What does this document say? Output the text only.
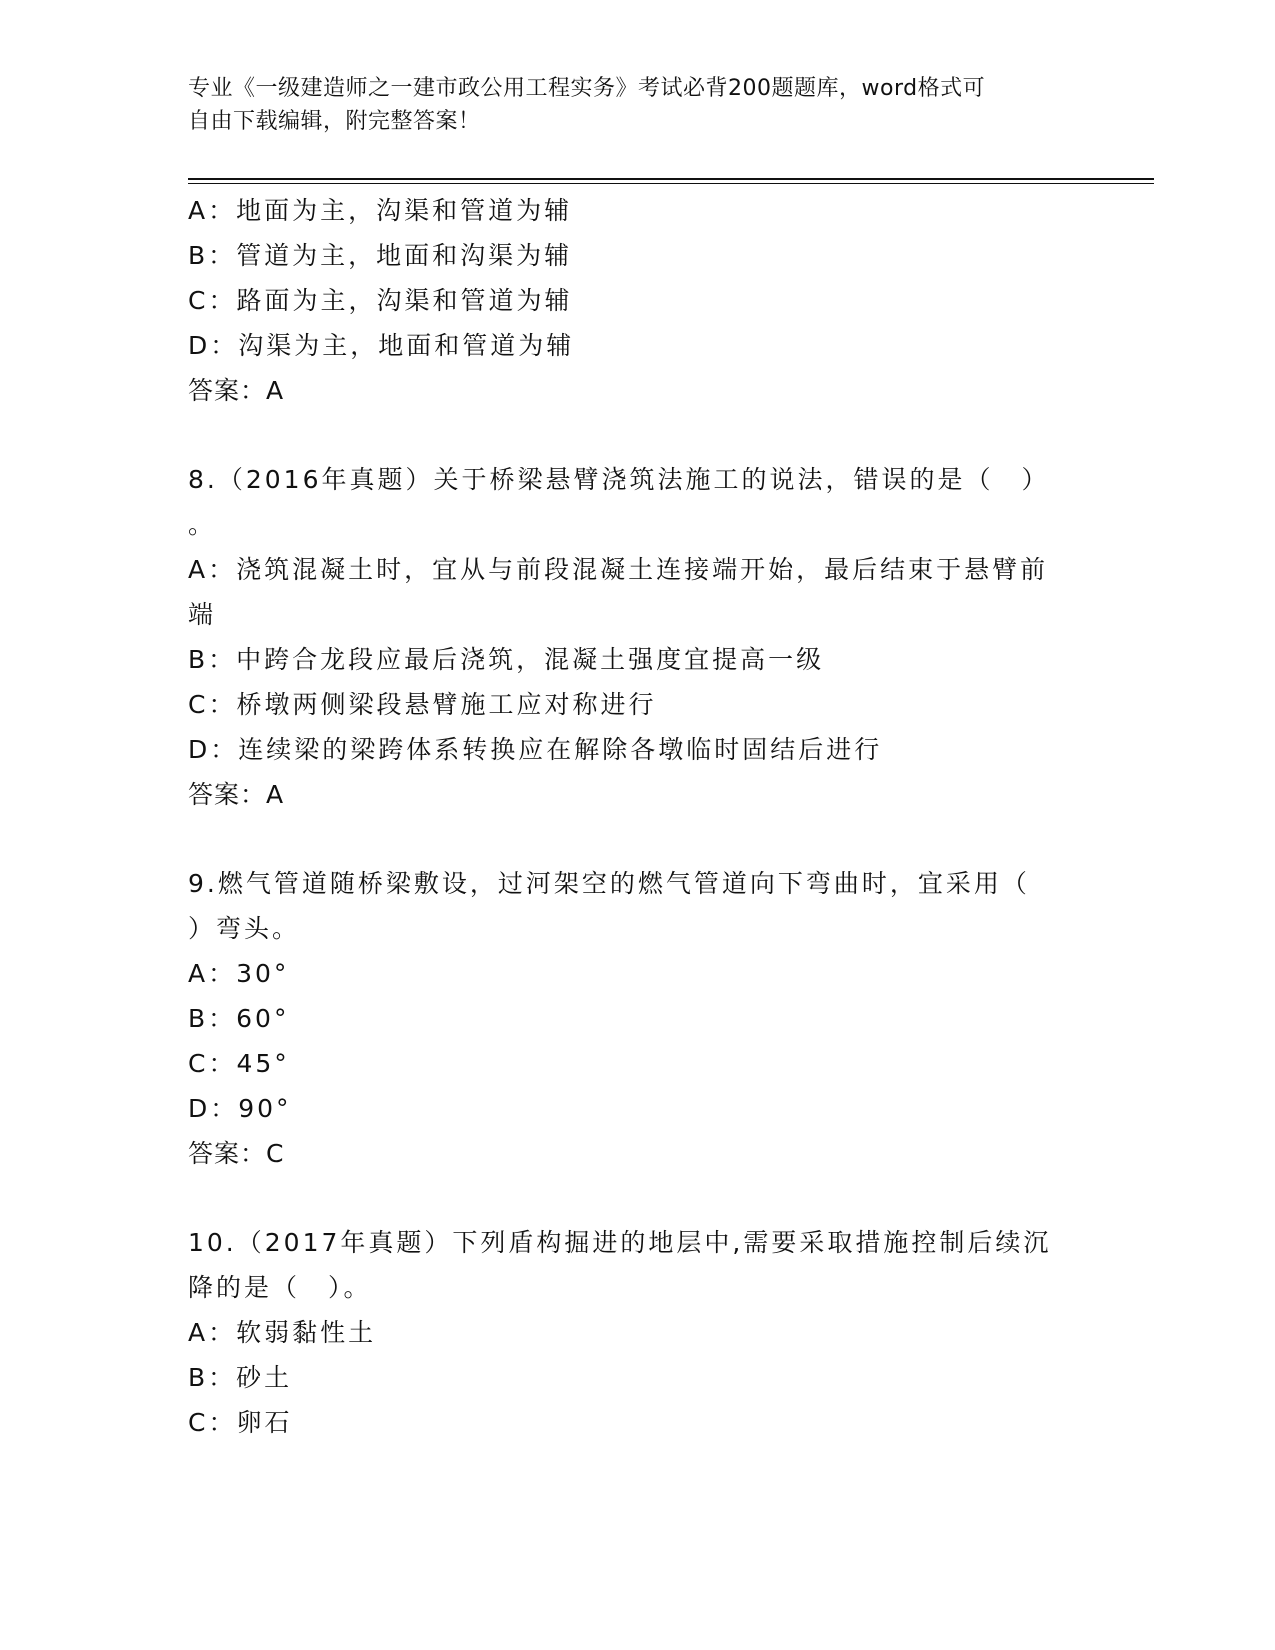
专业《一级建造师之一建市政公用工程实务》考试必背200题题库，word格式可
自由下载编辑，附完整答案！
A：地面为主，沟渠和管道为辅
B：管道为主，地面和沟渠为辅
C：路面为主，沟渠和管道为辅
D：沟渠为主，地面和管道为辅
答案：A
8.（2016年真题）关于桥梁悬臂浇筑法施工的说法，错误的是（　）
。
A：浇筑混凝土时，宜从与前段混凝土连接端开始，最后结束于悬臂前
端
B：中跨合龙段应最后浇筑，混凝土强度宜提高一级
C：桥墩两侧梁段悬臂施工应对称进行
D：连续梁的梁跨体系转换应在解除各墩临时固结后进行
答案：A
9.燃气管道随桥梁敷设，过河架空的燃气管道向下弯曲时，宜采用（
）弯头。
A：30°
B：60°
C：45°
D：90°
答案：C
10.（2017年真题）下列盾构掘进的地层中,需要采取措施控制后续沉
降的是（　）。
A：软弱黏性土
B：砂土
C：卵石
